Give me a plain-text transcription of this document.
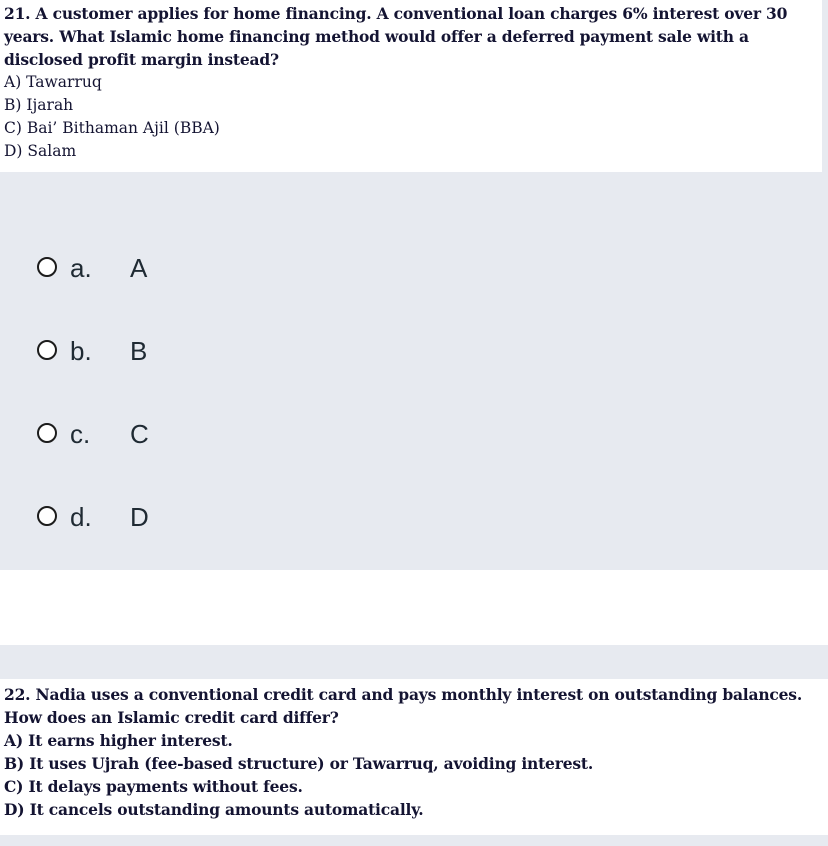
21. A customer applies for home financing. A conventional loan charges 6% interest over 30
years. What Islamic home financing method would offer a deferred payment sale with a
disclosed profit margin instead?
A) Tawarruq
B) Ijarah
C) Bai’ Bithaman Ajil (BBA)
D) Salam
a.	A
b.	B
c.	C
d.	D
22. Nadia uses a conventional credit card and pays monthly interest on outstanding balances.
How does an Islamic credit card differ?
A) It earns higher interest.
B) It uses Ujrah (fee-based structure) or Tawarruq, avoiding interest.
C) It delays payments without fees.
D) It cancels outstanding amounts automatically.
